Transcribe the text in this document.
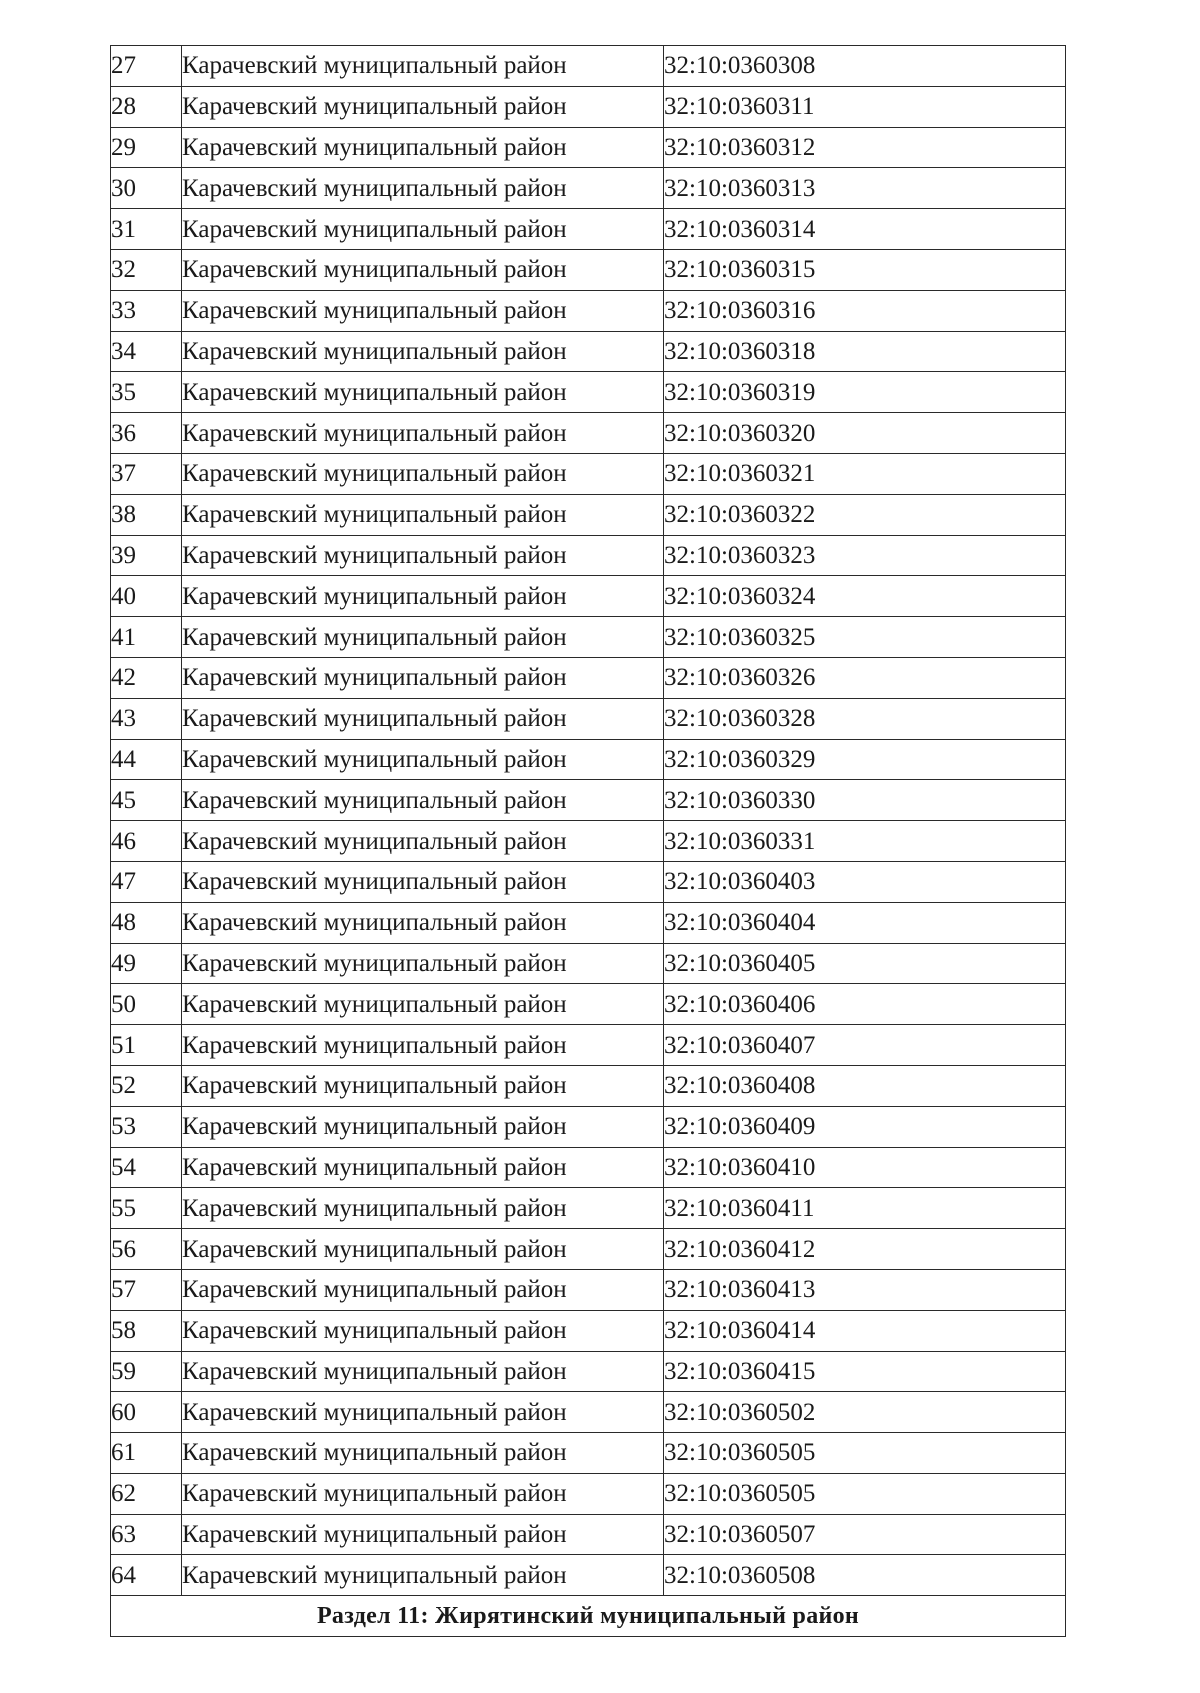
27	Карачевский муниципальный район	32:10:0360308
28	Карачевский муниципальный район	32:10:0360311
29	Карачевский муниципальный район	32:10:0360312
30	Карачевский муниципальный район	32:10:0360313
31	Карачевский муниципальный район	32:10:0360314
32	Карачевский муниципальный район	32:10:0360315
33	Карачевский муниципальный район	32:10:0360316
34	Карачевский муниципальный район	32:10:0360318
35	Карачевский муниципальный район	32:10:0360319
36	Карачевский муниципальный район	32:10:0360320
37	Карачевский муниципальный район	32:10:0360321
38	Карачевский муниципальный район	32:10:0360322
39	Карачевский муниципальный район	32:10:0360323
40	Карачевский муниципальный район	32:10:0360324
41	Карачевский муниципальный район	32:10:0360325
42	Карачевский муниципальный район	32:10:0360326
43	Карачевский муниципальный район	32:10:0360328
44	Карачевский муниципальный район	32:10:0360329
45	Карачевский муниципальный район	32:10:0360330
46	Карачевский муниципальный район	32:10:0360331
47	Карачевский муниципальный район	32:10:0360403
48	Карачевский муниципальный район	32:10:0360404
49	Карачевский муниципальный район	32:10:0360405
50	Карачевский муниципальный район	32:10:0360406
51	Карачевский муниципальный район	32:10:0360407
52	Карачевский муниципальный район	32:10:0360408
53	Карачевский муниципальный район	32:10:0360409
54	Карачевский муниципальный район	32:10:0360410
55	Карачевский муниципальный район	32:10:0360411
56	Карачевский муниципальный район	32:10:0360412
57	Карачевский муниципальный район	32:10:0360413
58	Карачевский муниципальный район	32:10:0360414
59	Карачевский муниципальный район	32:10:0360415
60	Карачевский муниципальный район	32:10:0360502
61	Карачевский муниципальный район	32:10:0360505
62	Карачевский муниципальный район	32:10:0360505
63	Карачевский муниципальный район	32:10:0360507
64	Карачевский муниципальный район	32:10:0360508
Раздел 11: Жирятинский муниципальный район		
